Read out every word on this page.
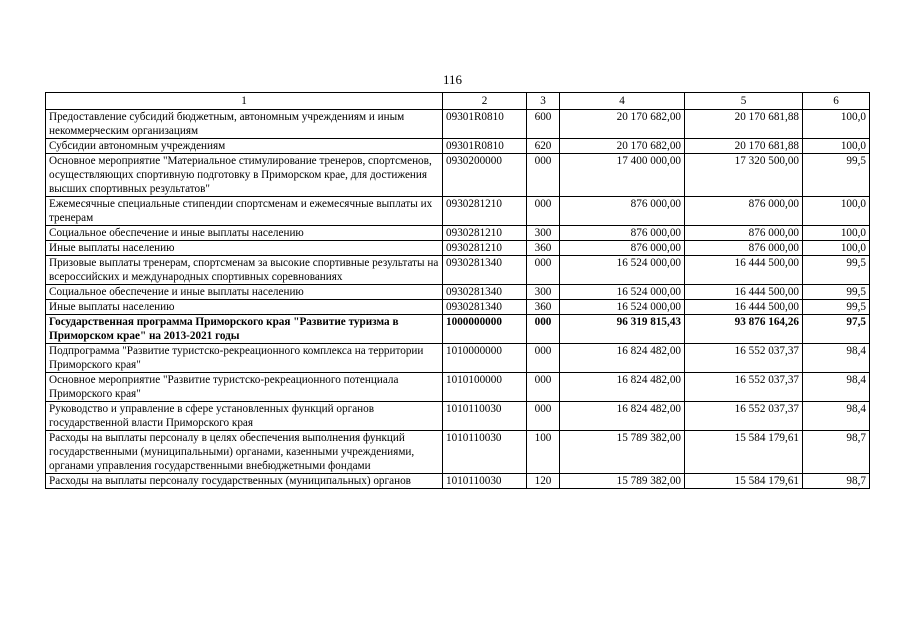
116
1	2	3	4	5	6
Предоставление субсидий бюджетным, автономным учреждениям и иным некоммерческим организациям	09301R0810	600	20 170 682,00	20 170 681,88	100,0
Субсидии автономным учреждениям	09301R0810	620	20 170 682,00	20 170 681,88	100,0
Основное мероприятие "Материальное стимулирование тренеров, спортсменов, осуществляющих спортивную подготовку в Приморском крае, для достижения высших спортивных результатов"	0930200000	000	17 400 000,00	17 320 500,00	99,5
Ежемесячные специальные стипендии спортсменам и ежемесячные выплаты их тренерам	0930281210	000	876 000,00	876 000,00	100,0
Социальное обеспечение и иные выплаты населению	0930281210	300	876 000,00	876 000,00	100,0
Иные выплаты населению	0930281210	360	876 000,00	876 000,00	100,0
Призовые выплаты тренерам, спортсменам за высокие спортивные результаты на всероссийских и международных спортивных соревнованиях	0930281340	000	16 524 000,00	16 444 500,00	99,5
Социальное обеспечение и иные выплаты населению	0930281340	300	16 524 000,00	16 444 500,00	99,5
Иные выплаты населению	0930281340	360	16 524 000,00	16 444 500,00	99,5
Государственная программа Приморского края "Развитие туризма в Приморском крае" на 2013-2021 годы	1000000000	000	96 319 815,43	93 876 164,26	97,5
Подпрограмма "Развитие туристско-рекреационного комплекса на территории Приморского края"	1010000000	000	16 824 482,00	16 552 037,37	98,4
Основное мероприятие "Развитие туристско-рекреационного потенциала Приморского края"	1010100000	000	16 824 482,00	16 552 037,37	98,4
Руководство и управление в сфере установленных функций органов государственной власти Приморского края	1010110030	000	16 824 482,00	16 552 037,37	98,4
Расходы на выплаты персоналу в целях обеспечения выполнения функций государственными (муниципальными) органами, казенными учреждениями, органами управления государственными внебюджетными фондами	1010110030	100	15 789 382,00	15 584 179,61	98,7
Расходы на выплаты персоналу государственных (муниципальных) органов	1010110030	120	15 789 382,00	15 584 179,61	98,7
